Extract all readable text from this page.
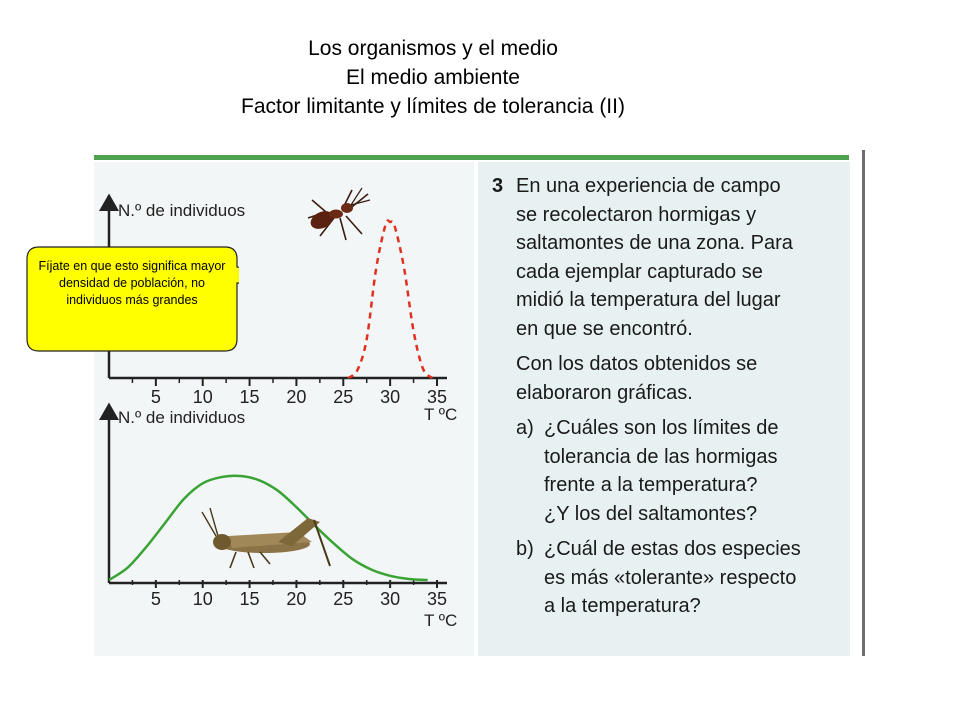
Los organismos y el medio
El medio ambiente
Factor limitante y límites de tolerancia (II)
N.º de individuos
T ºC
5 10 15 20 25 30 35
N.º de individuos
T ºC
5 10 15 20 25 30 35
Fíjate en que esto significa mayor densidad de población, no individuos más grandes
3 En una experiencia de campo
se recolectaron hormigas y
saltamontes de una zona. Para
cada ejemplar capturado se
midió la temperatura del lugar
en que se encontró.
Con los datos obtenidos se
elaboraron gráficas.
a) ¿Cuáles son los límites de
tolerancia de las hormigas
frente a la temperatura?
¿Y los del saltamontes?
b) ¿Cuál de estas dos especies
es más «tolerante» respecto
a la temperatura?
